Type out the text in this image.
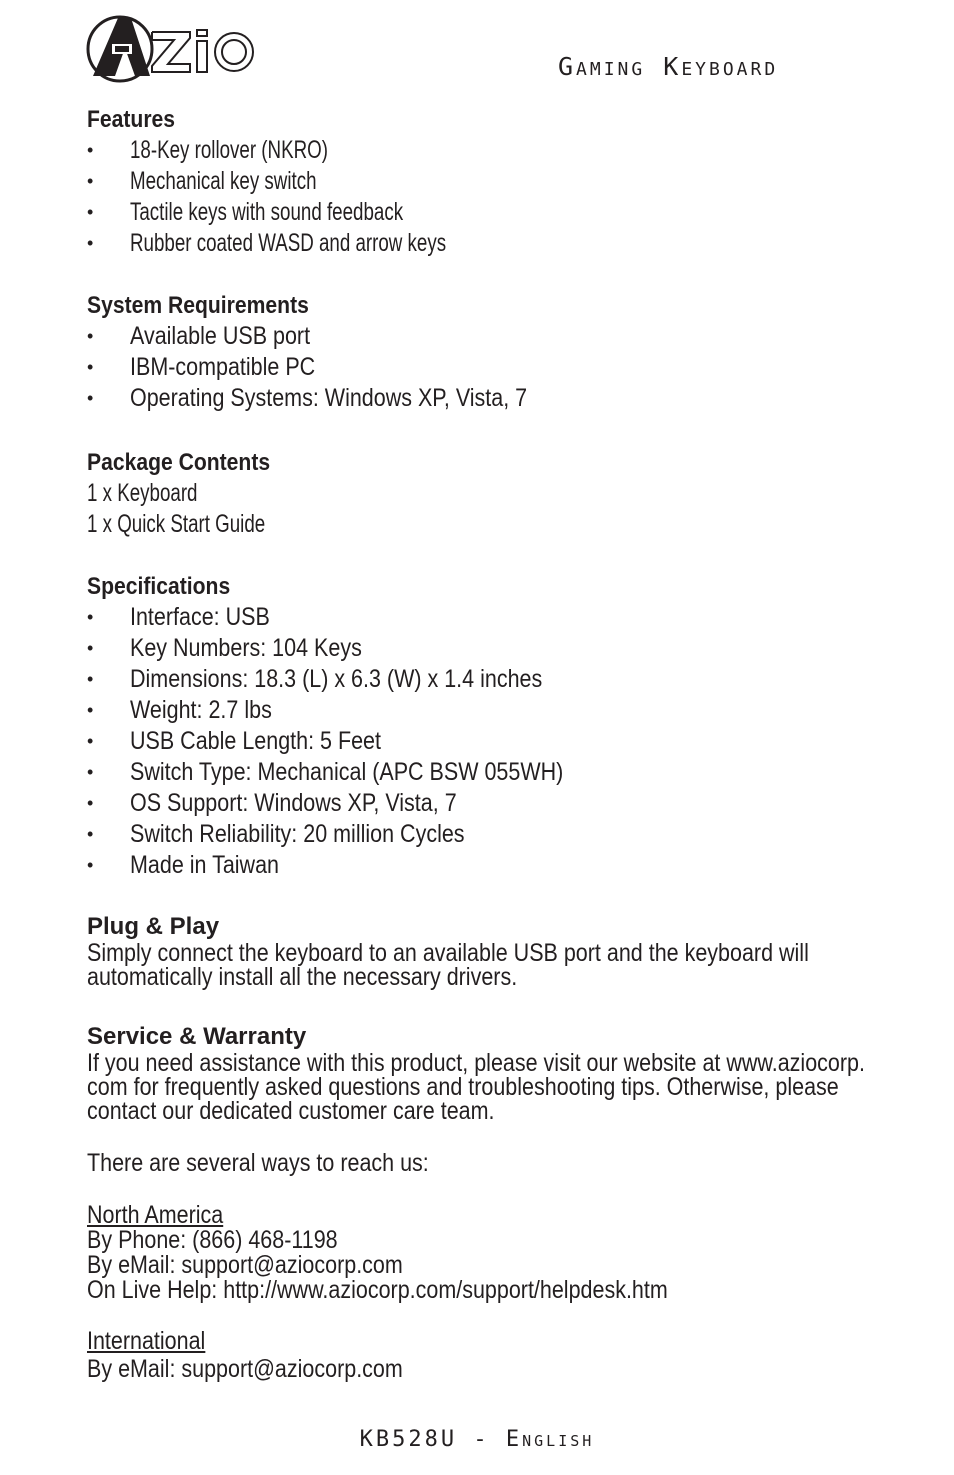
AZiO
Gaming Keyboard
Features
• 18-Key rollover (NKRO)
• Mechanical key switch
• Tactile keys with sound feedback
• Rubber coated WASD and arrow keys
System Requirements
• Available USB port
• IBM-compatible PC
• Operating Systems: Windows XP, Vista, 7
Package Contents
1 x Keyboard
1 x Quick Start Guide
Specifications
• Interface: USB
• Key Numbers: 104 Keys
• Dimensions: 18.3 (L) x 6.3 (W) x 1.4 inches
• Weight: 2.7 lbs
• USB Cable Length: 5 Feet
• Switch Type: Mechanical (APC BSW 055WH)
• OS Support: Windows XP, Vista, 7
• Switch Reliability: 20 million Cycles
• Made in Taiwan
Plug & Play
Simply connect the keyboard to an available USB port and the keyboard will
automatically install all the necessary drivers.
Service & Warranty
If you need assistance with this product, please visit our website at www.aziocorp.
com for frequently asked questions and troubleshooting tips. Otherwise, please
contact our dedicated customer care team.
There are several ways to reach us:
North America
By Phone: (866) 468-1198
By eMail: support@aziocorp.com
On Live Help: http://www.aziocorp.com/support/helpdesk.htm
International
By eMail: support@aziocorp.com
KB528U - English
